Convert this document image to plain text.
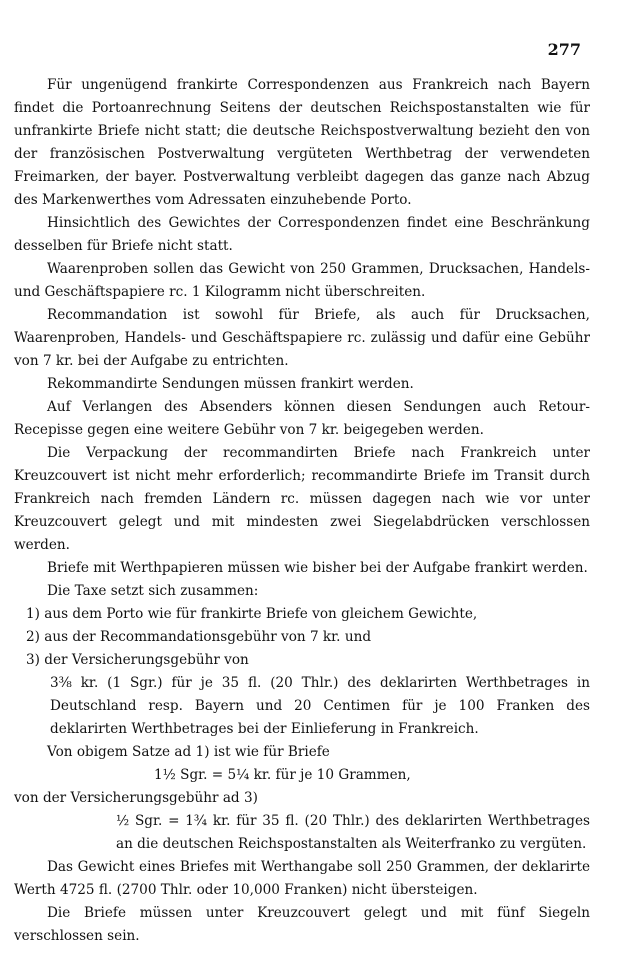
277

Für ungenügend frankirte Correspondenzen aus Frankreich nach Bayern findet die Portoanrechnung Seitens der deutschen Reichspostanstalten wie für unfrankirte Briefe nicht statt; die deutsche Reichspostverwaltung bezieht den von der französischen Postverwaltung vergüteten Werthbetrag der verwendeten Freimarken, der bayer. Postverwaltung verbleibt dagegen das ganze nach Abzug des Markenwerthes vom Adressaten einzuhebende Porto.

Hinsichtlich des Gewichtes der Correspondenzen findet eine Beschränkung desselben für Briefe nicht statt.

Waarenproben sollen das Gewicht von 250 Grammen, Drucksachen, Handels- und Geschäftspapiere rc. 1 Kilogramm nicht überschreiten.

Recommandation ist sowohl für Briefe, als auch für Drucksachen, Waarenproben, Handels- und Geschäftspapiere rc. zulässig und dafür eine Gebühr von 7 kr. bei der Aufgabe zu entrichten.

Rekommandirte Sendungen müssen frankirt werden.

Auf Verlangen des Absenders können diesen Sendungen auch Retour-Recepisse gegen eine weitere Gebühr von 7 kr. beigegeben werden.

Die Verpackung der recommandirten Briefe nach Frankreich unter Kreuzcouvert ist nicht mehr erforderlich; recommandirte Briefe im Transit durch Frankreich nach fremden Ländern rc. müssen dagegen nach wie vor unter Kreuzcouvert gelegt und mit mindesten zwei Siegelabdrücken verschlossen werden.

Briefe mit Werthpapieren müssen wie bisher bei der Aufgabe frankirt werden.

Die Taxe setzt sich zusammen:

1) aus dem Porto wie für frankirte Briefe von gleichem Gewichte,

2) aus der Recommandationsgebühr von 7 kr. und

3) der Versicherungsgebühr von

3⅜ kr. (1 Sgr.) für je 35 fl. (20 Thlr.) des deklarirten Werthbetrages in Deutschland resp. Bayern und 20 Centimen für je 100 Franken des deklarirten Werthbetrages bei der Einlieferung in Frankreich.

Von obigem Satze ad 1) ist wie für Briefe

1½ Sgr. = 5¼ kr. für je 10 Grammen,

von der Versicherungsgebühr ad 3)

½ Sgr. = 1¾ kr. für 35 fl. (20 Thlr.) des deklarirten Werthbetrages an die deutschen Reichspostanstalten als Weiterfranko zu vergüten.

Das Gewicht eines Briefes mit Werthangabe soll 250 Grammen, der deklarirte Werth 4725 fl. (2700 Thlr. oder 10,000 Franken) nicht übersteigen.

Die Briefe müssen unter Kreuzcouvert gelegt und mit fünf Siegeln verschlossen sein.
